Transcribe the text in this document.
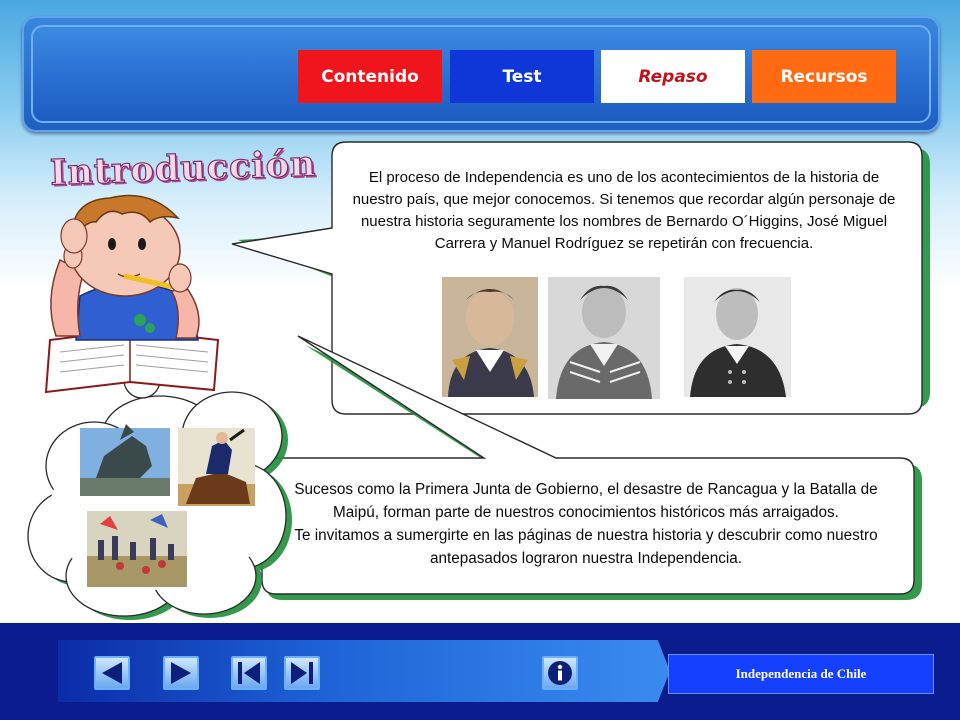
Contenido	Test	Repaso	Recursos
Introducción	El proceso de Independencia es uno de los acontecimientos de la historia de nuestro país, que mejor conocemos. Si tenemos que recordar algún personaje de nuestra historia seguramente los nombres de Bernardo O´Higgins, José Miguel Carrera y Manuel Rodríguez se repetirán con frecuencia.
Sucesos como la Primera Junta de Gobierno, el desastre de Rancagua y la Batalla de Maipú, forman parte de nuestros conocimientos históricos más arraigados.
Te invitamos a sumergirte en las páginas de nuestra historia y descubrir como nuestro antepasados lograron nuestra Independencia.
Independencia de Chile
